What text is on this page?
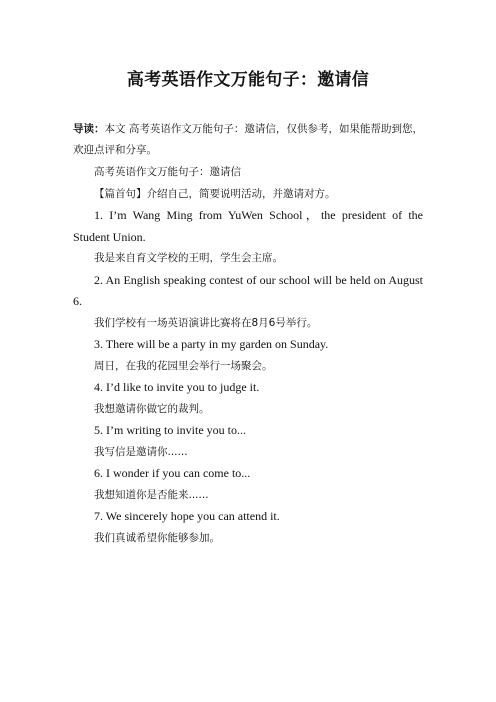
高考英语作文万能句子：邀请信

导读：本文 高考英语作文万能句子：邀请信，仅供参考，如果能帮助到您，欢迎点评和分享。

高考英语作文万能句子：邀请信

【篇首句】介绍自己，简要说明活动，并邀请对方。

1. I’m Wang Ming from YuWen School，the president of the Student Union.

我是来自育文学校的王明，学生会主席。

2. An English speaking contest of our school will be held on August 6.

我们学校有一场英语演讲比赛将在8月6号举行。

3. There will be a party in my garden on Sunday.

周日，在我的花园里会举行一场聚会。

4. I’d like to invite you to judge it.

我想邀请你做它的裁判。

5. I’m writing to invite you to...

我写信是邀请你......

6. I wonder if you can come to...

我想知道你是否能来......

7. We sincerely hope you can attend it.

我们真诚希望你能够参加。
